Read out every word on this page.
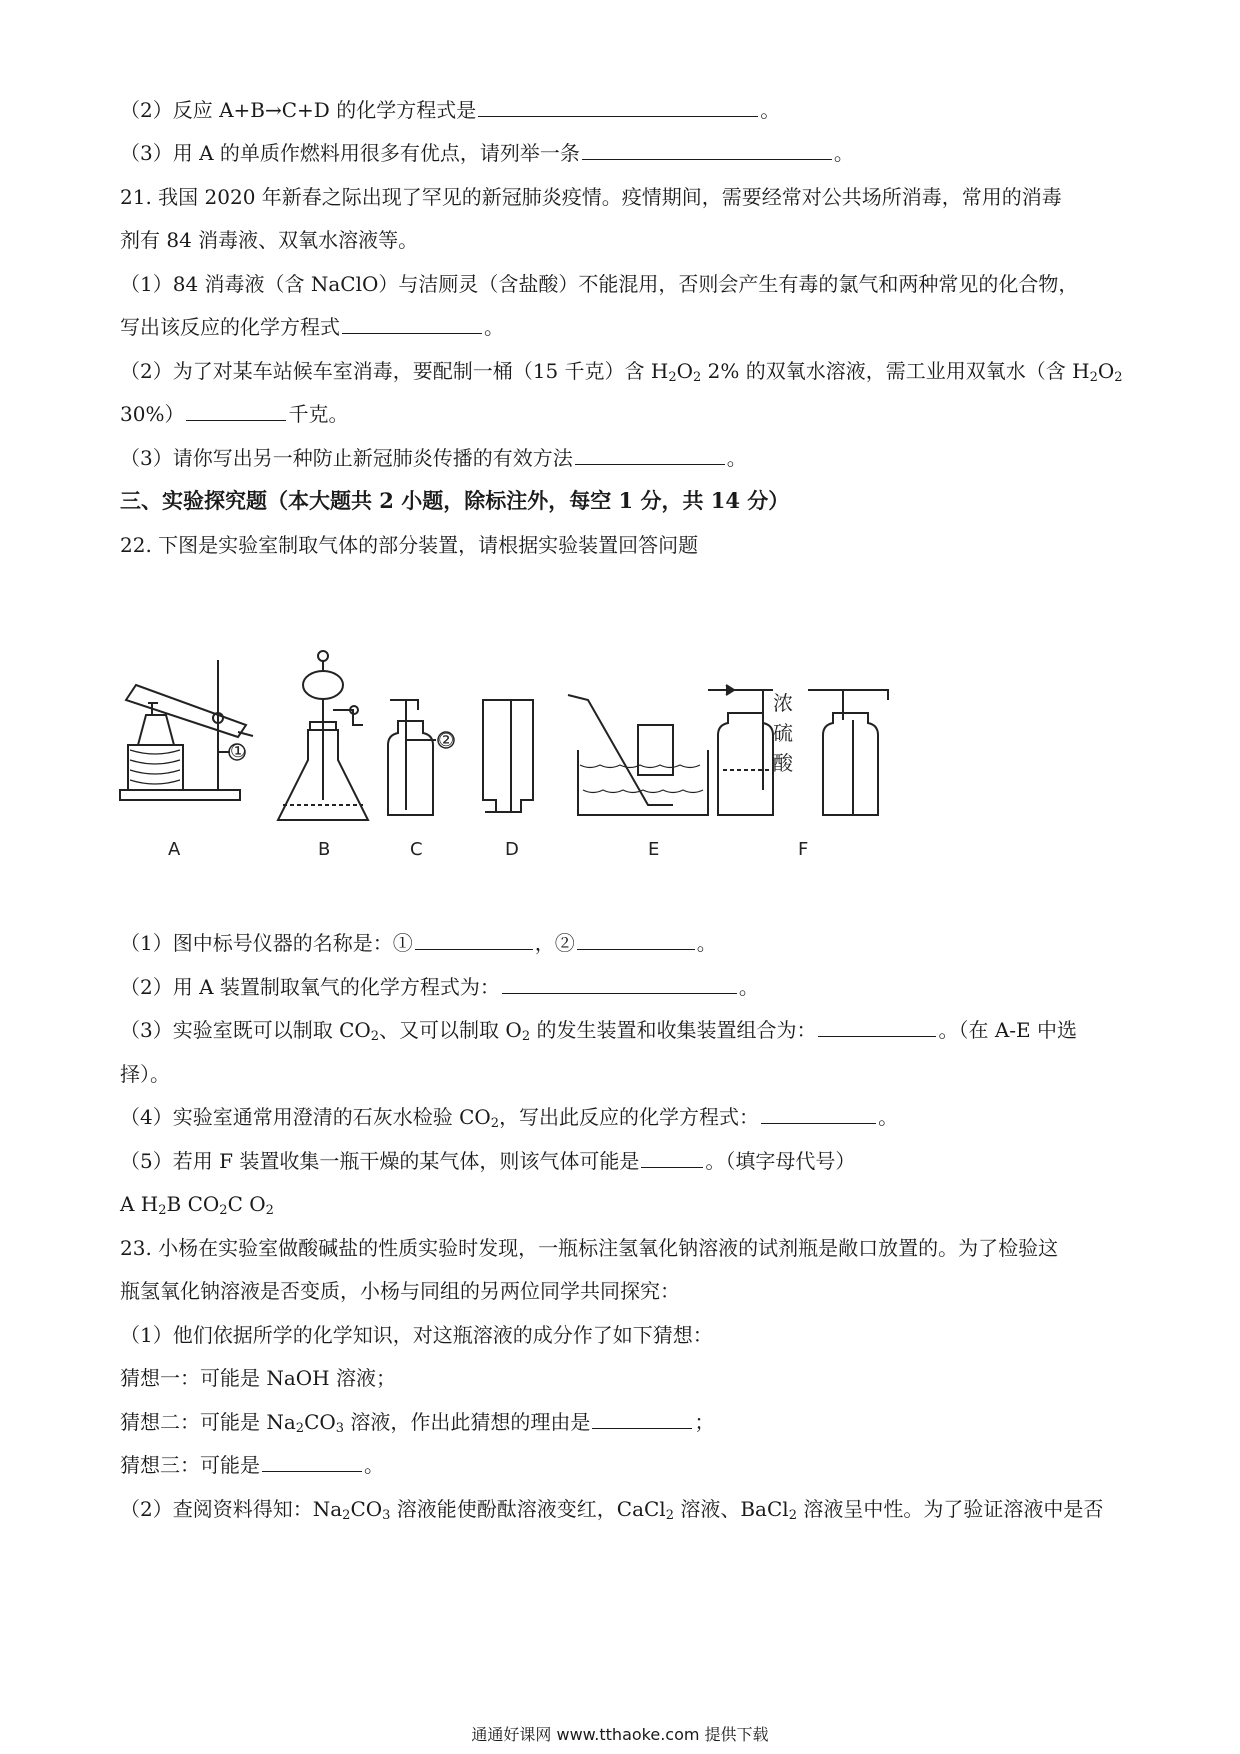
（2）反应 A+B→C+D 的化学方程式是	。
（3）用 A 的单质作燃料用很多有优点，请列举一条	。
21. 我国 2020 年新春之际出现了罕见的新冠肺炎疫情。疫情期间，需要经常对公共场所消毒，常用的消毒
剂有 84 消毒液、双氧水溶液等。
（1）84 消毒液（含 NaClO）与洁厕灵（含盐酸）不能混用，否则会产生有毒的氯气和两种常见的化合物，
写出该反应的化学方程式	。
（2）为了对某车站候车室消毒，要配制一桶（15 千克）含 $H_2O_2$ 2% 的双氧水溶液，需工业用双氧水（含 $H_2O_2$
30%）	千克。
（3）请你写出另一种防止新冠肺炎传播的有效方法	。
三、实验探究题（本大题共 2 小题，除标注外，每空 1 分，共 14 分）
22. 下图是实验室制取气体的部分装置，请根据实验装置回答问题
①
②
浓
硫
酸
A	B	C	D	E	F
（1）图中标号仪器的名称是：①	，②	。
（2）用 A 装置制取氧气的化学方程式为：	。
（3）实验室既可以制取 $CO_2$、又可以制取 $O_2$ 的发生装置和收集装置组合为：	。（在 A-E 中选
择）。
（4）实验室通常用澄清的石灰水检验 $CO_2$，写出此反应的化学方程式：	。
（5）若用 F 装置收集一瓶干燥的某气体，则该气体可能是	。（填字母代号）
A $H_2B$ $CO_2C$ $O_2$
23. 小杨在实验室做酸碱盐的性质实验时发现，一瓶标注氢氧化钠溶液的试剂瓶是敞口放置的。为了检验这
瓶氢氧化钠溶液是否变质，小杨与同组的另两位同学共同探究：
（1）他们依据所学的化学知识，对这瓶溶液的成分作了如下猜想：
猜想一：可能是 NaOH 溶液；
猜想二：可能是 $Na_2CO_3$ 溶液，作出此猜想的理由是	；
猜想三：可能是	。
（2）查阅资料得知：$Na_2CO_3$ 溶液能使酚酞溶液变红，CaCl$_2$ 溶液、BaCl$_2$ 溶液呈中性。为了验证溶液中是否
通通好课网 www.tthaoke.com 提供下载
